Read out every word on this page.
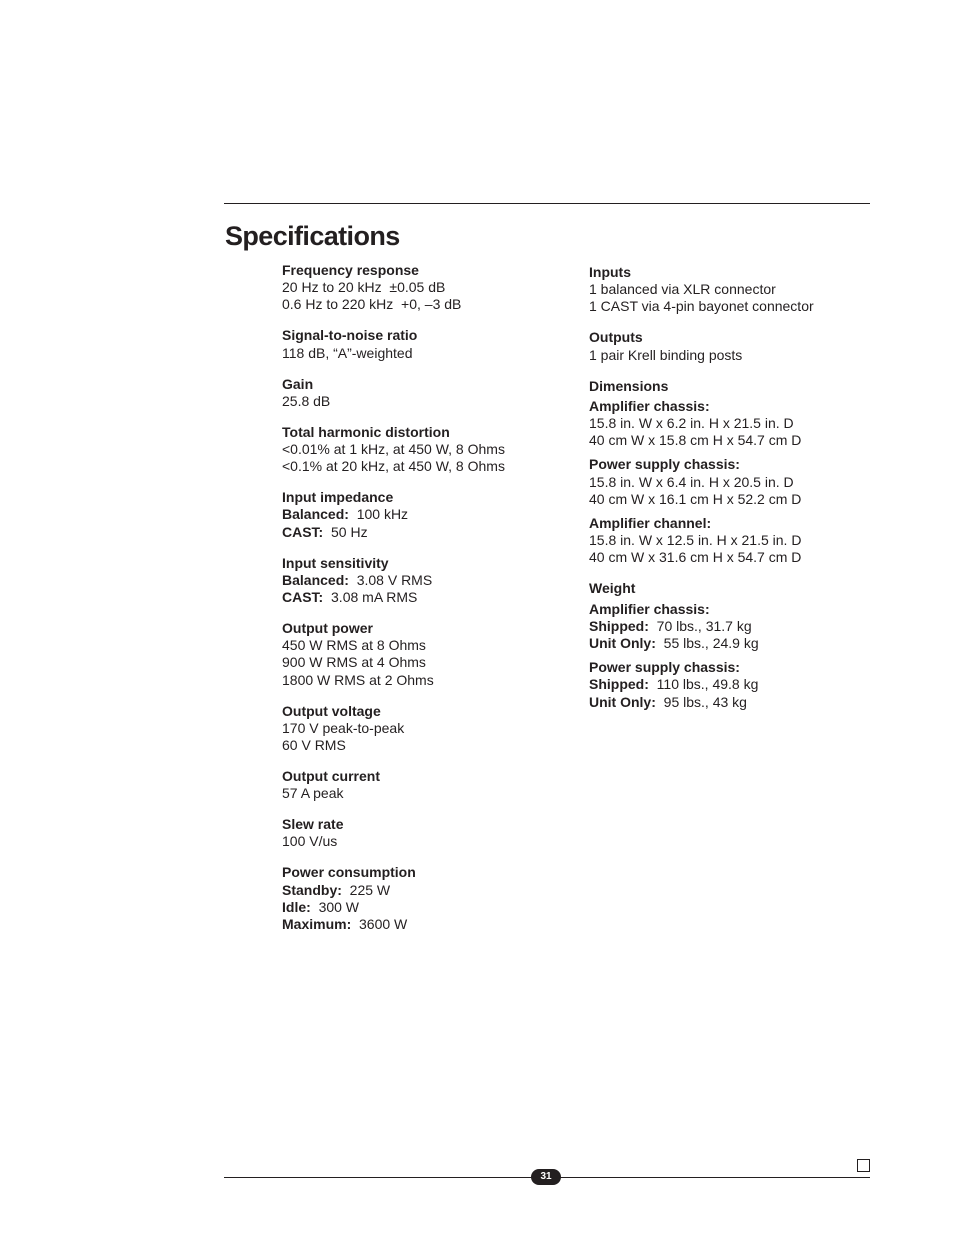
Specifications
Frequency response
20 Hz to 20 kHz  ±0.05 dB
0.6 Hz to 220 kHz  +0, –3 dB
Signal-to-noise ratio
118 dB, “A”-weighted
Gain
25.8 dB
Total harmonic distortion
<0.01% at 1 kHz, at 450 W, 8 Ohms
<0.1% at 20 kHz, at 450 W, 8 Ohms
Input impedance
Balanced: 100 kHz
CAST: 50 Hz
Input sensitivity
Balanced: 3.08 V RMS
CAST: 3.08 mA RMS
Output power
450 W RMS at 8 Ohms
900 W RMS at 4 Ohms
1800 W RMS at 2 Ohms
Output voltage
170 V peak-to-peak
60 V RMS
Output current
57 A peak
Slew rate
100 V/us
Power consumption
Standby: 225 W
Idle: 300 W
Maximum: 3600 W
Inputs
1 balanced via XLR connector
1 CAST via 4-pin bayonet connector
Outputs
1 pair Krell binding posts
Dimensions
Amplifier chassis:
15.8 in. W x 6.2 in. H x 21.5 in. D
40 cm W x 15.8 cm H x 54.7 cm D
Power supply chassis:
15.8 in. W x 6.4 in. H x 20.5 in. D
40 cm W x 16.1 cm H x 52.2 cm D
Amplifier channel:
15.8 in. W x 12.5 in. H x 21.5 in. D
40 cm W x 31.6 cm H x 54.7 cm D
Weight
Amplifier chassis:
Shipped: 70 lbs., 31.7 kg
Unit Only: 55 lbs., 24.9 kg
Power supply chassis:
Shipped: 110 lbs., 49.8 kg
Unit Only: 95 lbs., 43 kg
31
